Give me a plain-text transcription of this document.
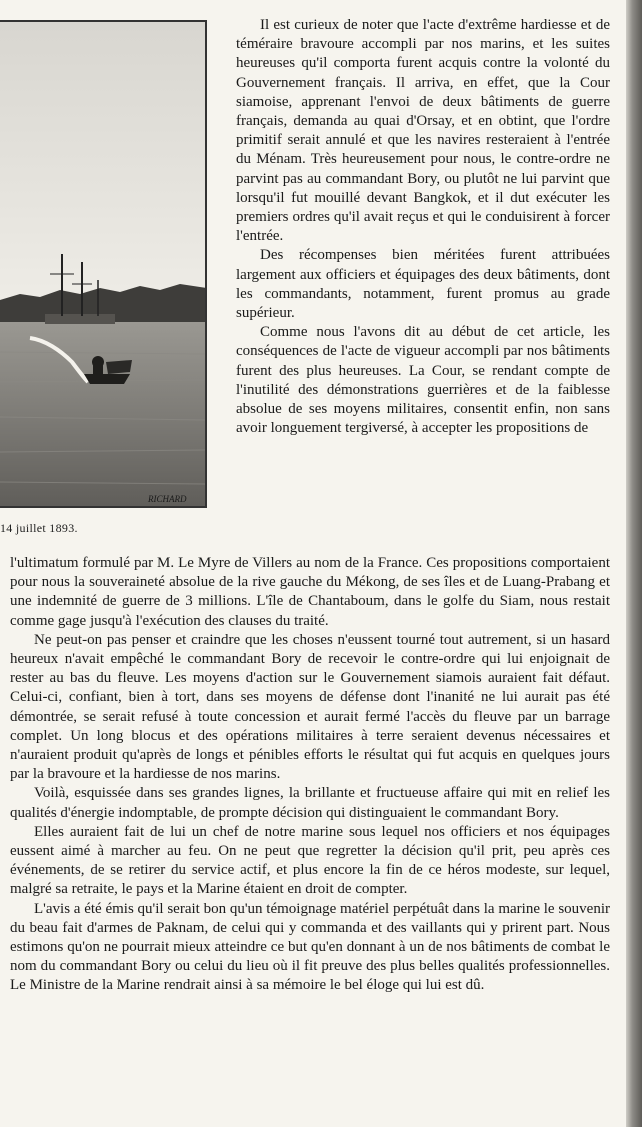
RICHARD
14 juillet 1893.

Il est curieux de noter que l'acte d'extrême hardiesse et de téméraire bravoure accompli par nos marins, et les suites heureuses qu'il comporta furent acquis contre la volonté du Gouvernement français. Il arriva, en effet, que la Cour siamoise, apprenant l'envoi de deux bâtiments de guerre français, demanda au quai d'Orsay, et en obtint, que l'ordre primitif serait annulé et que les navires resteraient à l'entrée du Ménam. Très heureusement pour nous, le contre-ordre ne parvint pas au commandant Bory, ou plutôt ne lui parvint que lorsqu'il fut mouillé devant Bangkok, et il dut exécuter les premiers ordres qu'il avait reçus et qui le conduisirent à forcer l'entrée.

Des récompenses bien méritées furent attribuées largement aux officiers et équipages des deux bâtiments, dont les commandants, notamment, furent promus au grade supérieur.

Comme nous l'avons dit au début de cet article, les conséquences de l'acte de vigueur accompli par nos bâtiments furent des plus heureuses. La Cour, se rendant compte de l'inutilité des démonstrations guerrières et de la faiblesse absolue de ses moyens militaires, consentit enfin, non sans avoir longuement tergiversé, à accepter les propositions de

l'ultimatum formulé par M. Le Myre de Villers au nom de la France. Ces propositions comportaient pour nous la souveraineté absolue de la rive gauche du Mékong, de ses îles et de Luang-Prabang et une indemnité de guerre de 3 millions. L'île de Chantaboum, dans le golfe du Siam, nous restait comme gage jusqu'à l'exécution des clauses du traité.

Ne peut-on pas penser et craindre que les choses n'eussent tourné tout autrement, si un hasard heureux n'avait empêché le commandant Bory de recevoir le contre-ordre qui lui enjoignait de rester au bas du fleuve. Les moyens d'action sur le Gouvernement siamois auraient fait défaut. Celui-ci, confiant, bien à tort, dans ses moyens de défense dont l'inanité ne lui aurait pas été démontrée, se serait refusé à toute concession et aurait fermé l'accès du fleuve par un barrage complet. Un long blocus et des opérations militaires à terre seraient devenus nécessaires et n'auraient produit qu'après de longs et pénibles efforts le résultat qui fut acquis en quelques jours par la bravoure et la hardiesse de nos marins.

Voilà, esquissée dans ses grandes lignes, la brillante et fructueuse affaire qui mit en relief les qualités d'énergie indomptable, de prompte décision qui distinguaient le commandant Bory.

Elles auraient fait de lui un chef de notre marine sous lequel nos officiers et nos équipages eussent aimé à marcher au feu. On ne peut que regretter la décision qu'il prit, peu après ces événements, de se retirer du service actif, et plus encore la fin de ce héros modeste, sur lequel, malgré sa retraite, le pays et la Marine étaient en droit de compter.

L'avis a été émis qu'il serait bon qu'un témoignage matériel perpétuât dans la marine le souvenir du beau fait d'armes de Paknam, de celui qui y commanda et des vaillants qui y prirent part. Nous estimons qu'on ne pourrait mieux atteindre ce but qu'en donnant à un de nos bâtiments de combat le nom du commandant Bory ou celui du lieu où il fit preuve des plus belles qualités professionnelles. Le Ministre de la Marine rendrait ainsi à sa mémoire le bel éloge qui lui est dû.
